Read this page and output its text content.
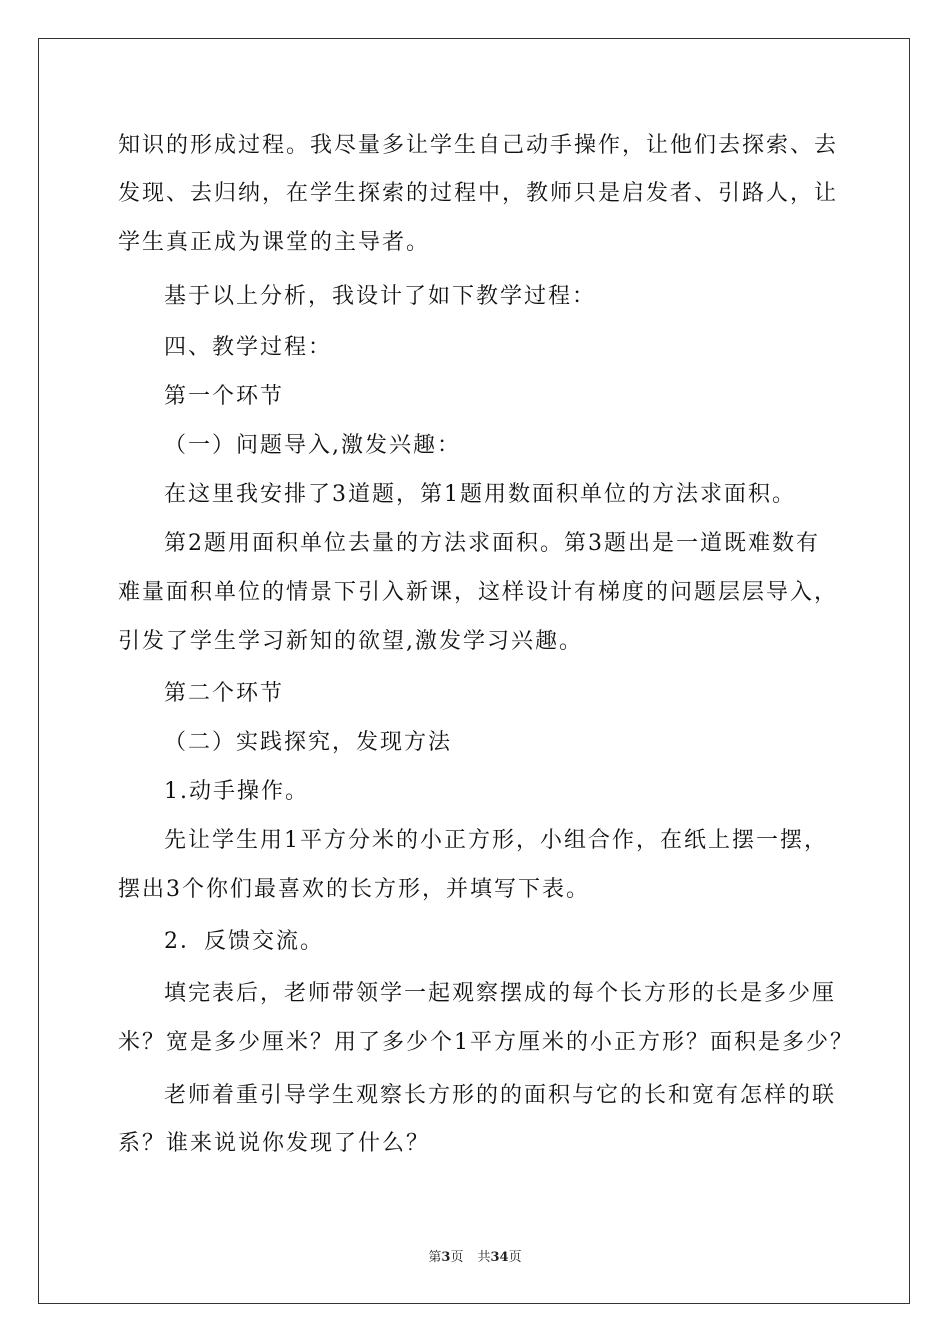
知识的形成过程。我尽量多让学生自己动手操作，让他们去探索、去
发现、去归纳，在学生探索的过程中，教师只是启发者、引路人，让
学生真正成为课堂的主导者。
基于以上分析，我设计了如下教学过程：
四、教学过程：
第一个环节
（一）问题导入,激发兴趣：
在这里我安排了3道题，第1题用数面积单位的方法求面积。
第2题用面积单位去量的方法求面积。第3题出是一道既难数有
难量面积单位的情景下引入新课，这样设计有梯度的问题层层导入，
引发了学生学习新知的欲望,激发学习兴趣。
第二个环节
（二）实践探究，发现方法
1.动手操作。
先让学生用1平方分米的小正方形，小组合作，在纸上摆一摆，
摆出3个你们最喜欢的长方形，并填写下表。
2．反馈交流。
填完表后，老师带领学一起观察摆成的每个长方形的长是多少厘
米？宽是多少厘米？用了多少个1平方厘米的小正方形？面积是多少？
老师着重引导学生观察长方形的的面积与它的长和宽有怎样的联
系？谁来说说你发现了什么？
第3页 共34页
